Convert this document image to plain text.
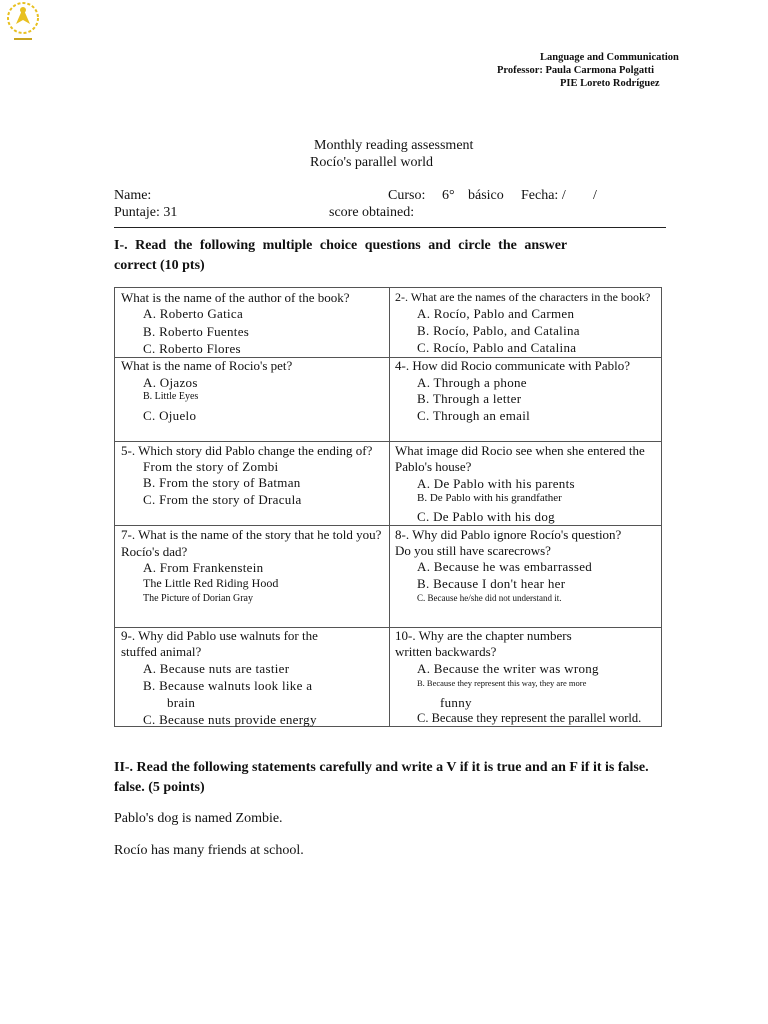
Language and Communication
Professor: Paula Carmona Polgatti
PIE Loreto Rodríguez
Monthly reading assessment
Rocío's parallel world
Name:	Curso: 6° básico Fecha: / /
Puntaje: 31	score obtained:
I-. Read the following multiple choice questions and circle the answer
correct (10 pts)
What is the name of the author of the book?
A. Roberto Gatica
B. Roberto Fuentes
C. Roberto Flores
2-. What are the names of the characters in the book?
A. Rocío, Pablo and Carmen
B. Rocío, Pablo, and Catalina
C. Rocío, Pablo and Catalina
What is the name of Rocio's pet?
A. Ojazos
B. Little Eyes
C. Ojuelo
4-. How did Rocio communicate with Pablo?
A. Through a phone
B. Through a letter
C. Through an email
5-. Which story did Pablo change the ending of?
From the story of Zombi
B. From the story of Batman
C. From the story of Dracula
What image did Rocio see when she entered the
Pablo's house?
A. De Pablo with his parents
B. De Pablo with his grandfather
C. De Pablo with his dog
7-. What is the name of the story that he told you?
Rocío's dad?
A. From Frankenstein
The Little Red Riding Hood
The Picture of Dorian Gray
8-. Why did Pablo ignore Rocío's question?
Do you still have scarecrows?
A. Because he was embarrassed
B. Because I don't hear her
C. Because he/she did not understand it.
9-. Why did Pablo use walnuts for the
stuffed animal?
A. Because nuts are tastier
B. Because walnuts look like a
brain
C. Because nuts provide energy
10-. Why are the chapter numbers
written backwards?
A. Because the writer was wrong
B. Because they represent this way, they are more
funny
C. Because they represent the parallel world.
II-. Read the following statements carefully and write a V if it is true and an F if it is false.
false. (5 points)
Pablo's dog is named Zombie.
Rocío has many friends at school.
